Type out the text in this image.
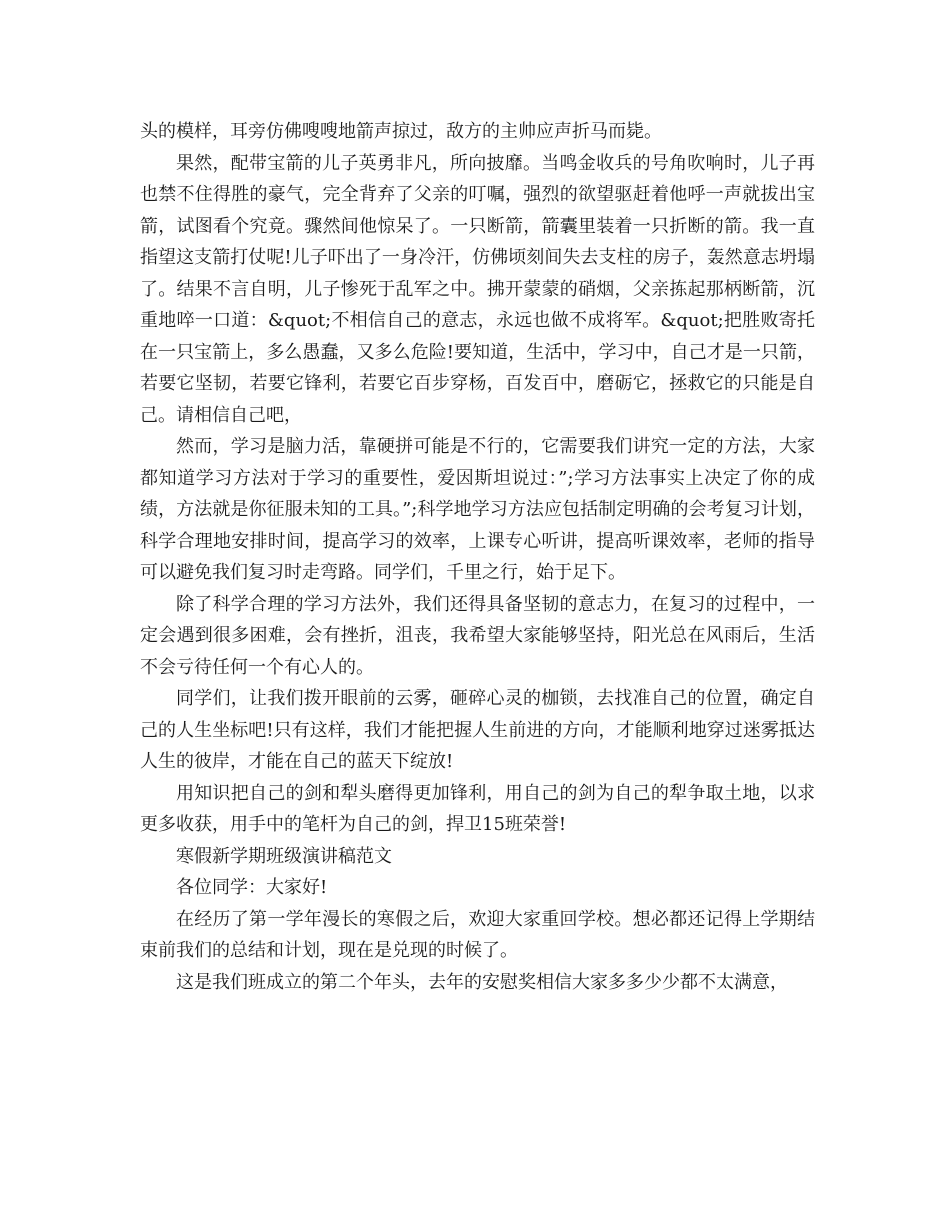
头的模样，耳旁仿佛嗖嗖地箭声掠过，敌方的主帅应声折马而毙。

果然，配带宝箭的儿子英勇非凡，所向披靡。当鸣金收兵的号角吹响时，儿子再也禁不住得胜的豪气，完全背弃了父亲的叮嘱，强烈的欲望驱赶着他呼一声就拔出宝箭，试图看个究竟。骤然间他惊呆了。一只断箭，箭囊里装着一只折断的箭。我一直指望这支箭打仗呢!儿子吓出了一身冷汗，仿佛顷刻间失去支柱的房子，轰然意志坍塌了。结果不言自明，儿子惨死于乱军之中。拂开蒙蒙的硝烟，父亲拣起那柄断箭，沉重地啐一口道：&quot;不相信自己的意志，永远也做不成将军。&quot;把胜败寄托在一只宝箭上，多么愚蠢，又多么危险!要知道，生活中，学习中，自己才是一只箭，若要它坚韧，若要它锋利，若要它百步穿杨，百发百中，磨砺它，拯救它的只能是自己。请相信自己吧，

然而，学习是脑力活，靠硬拼可能是不行的，它需要我们讲究一定的方法，大家都知道学习方法对于学习的重要性，爱因斯坦说过：”;学习方法事实上决定了你的成绩，方法就是你征服未知的工具。”;科学地学习方法应包括制定明确的会考复习计划，科学合理地安排时间，提高学习的效率，上课专心听讲，提高听课效率，老师的指导可以避免我们复习时走弯路。同学们，千里之行，始于足下。

除了科学合理的学习方法外，我们还得具备坚韧的意志力，在复习的过程中，一定会遇到很多困难，会有挫折，沮丧，我希望大家能够坚持，阳光总在风雨后，生活不会亏待任何一个有心人的。

同学们，让我们拨开眼前的云雾，砸碎心灵的枷锁，去找准自己的位置，确定自己的人生坐标吧!只有这样，我们才能把握人生前进的方向，才能顺利地穿过迷雾抵达人生的彼岸，才能在自己的蓝天下绽放!

用知识把自己的剑和犁头磨得更加锋利，用自己的剑为自己的犁争取土地，以求更多收获，用手中的笔杆为自己的剑，捍卫15班荣誉!

寒假新学期班级演讲稿范文

各位同学：大家好!

在经历了第一学年漫长的寒假之后，欢迎大家重回学校。想必都还记得上学期结束前我们的总结和计划，现在是兑现的时候了。

这是我们班成立的第二个年头，去年的安慰奖相信大家多多少少都不太满意，
